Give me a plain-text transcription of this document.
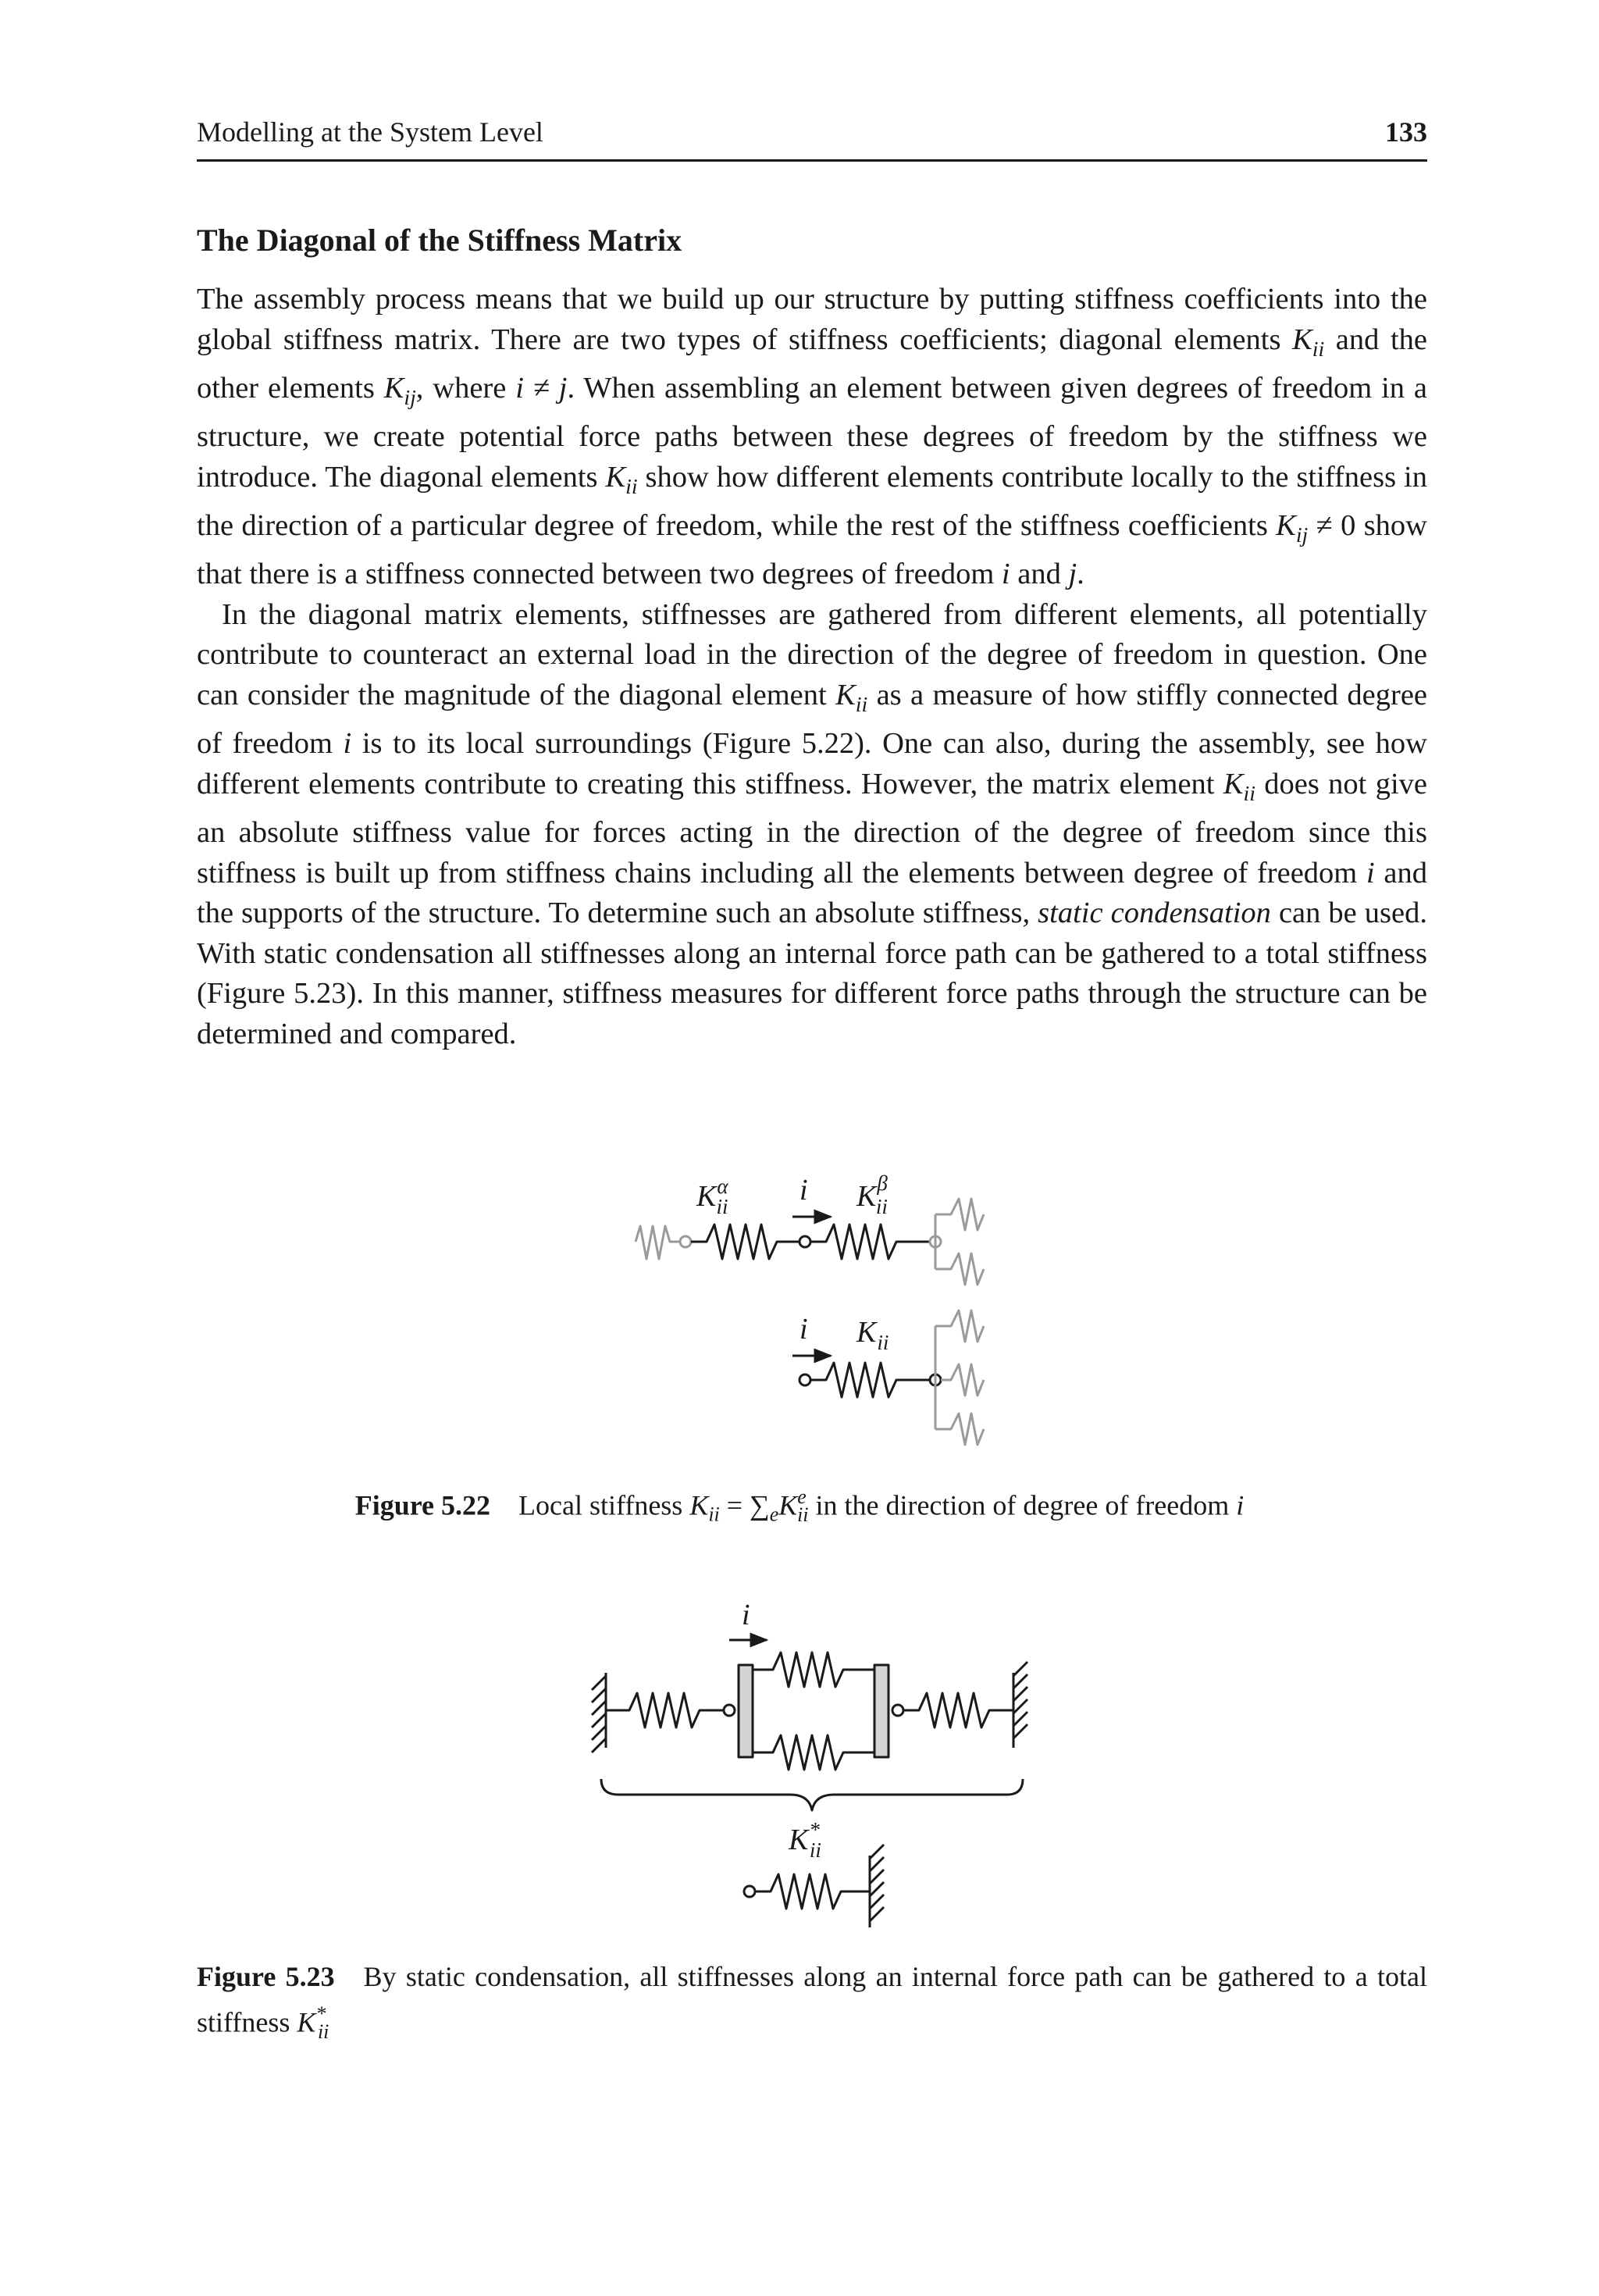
Modelling at the System Level	133
The Diagonal of the Stiffness Matrix

The assembly process means that we build up our structure by putting stiffness coefficients into the global stiffness matrix. There are two types of stiffness coefficients; diagonal elements $K_{ii}$ and the other elements $K_{ij}$, where i ≠ j. When assembling an element between given degrees of freedom in a structure, we create potential force paths between these degrees of freedom by the stiffness we introduce. The diagonal elements $K_{ii}$ show how different elements contribute locally to the stiffness in the direction of a particular degree of freedom, while the rest of the stiffness coefficients $K_{ij} \ne 0$ show that there is a stiffness connected between two degrees of freedom i and j.

In the diagonal matrix elements, stiffnesses are gathered from different elements, all potentially contribute to counteract an external load in the direction of the degree of freedom in question. One can consider the magnitude of the diagonal element $K_{ii}$ as a measure of how stiffly connected degree of freedom i is to its local surroundings (Figure 5.22). One can also, during the assembly, see how different elements contribute to creating this stiffness. However, the matrix element $K_{ii}$ does not give an absolute stiffness value for forces acting in the direction of the degree of freedom since this stiffness is built up from stiffness chains including all the elements between degree of freedom i and the supports of the structure. To determine such an absolute stiffness, static condensation can be used. With static condensation all stiffnesses along an internal force path can be gathered to a total stiffness (Figure 5.23). In this manner, stiffness measures for different force paths through the structure can be determined and compared.

$K^\alpha$ ii i $K^\beta$ ii
i $K_{ii}$
Figure 5.22 Local stiffness $K_{ii} = \sum_eK^e_{ii}$ in the direction of degree of freedom i
i
K* ii
Figure 5.23 By static condensation, all stiffnesses along an internal force path can be gathered to a total stiffness $K^*_{ii}$
